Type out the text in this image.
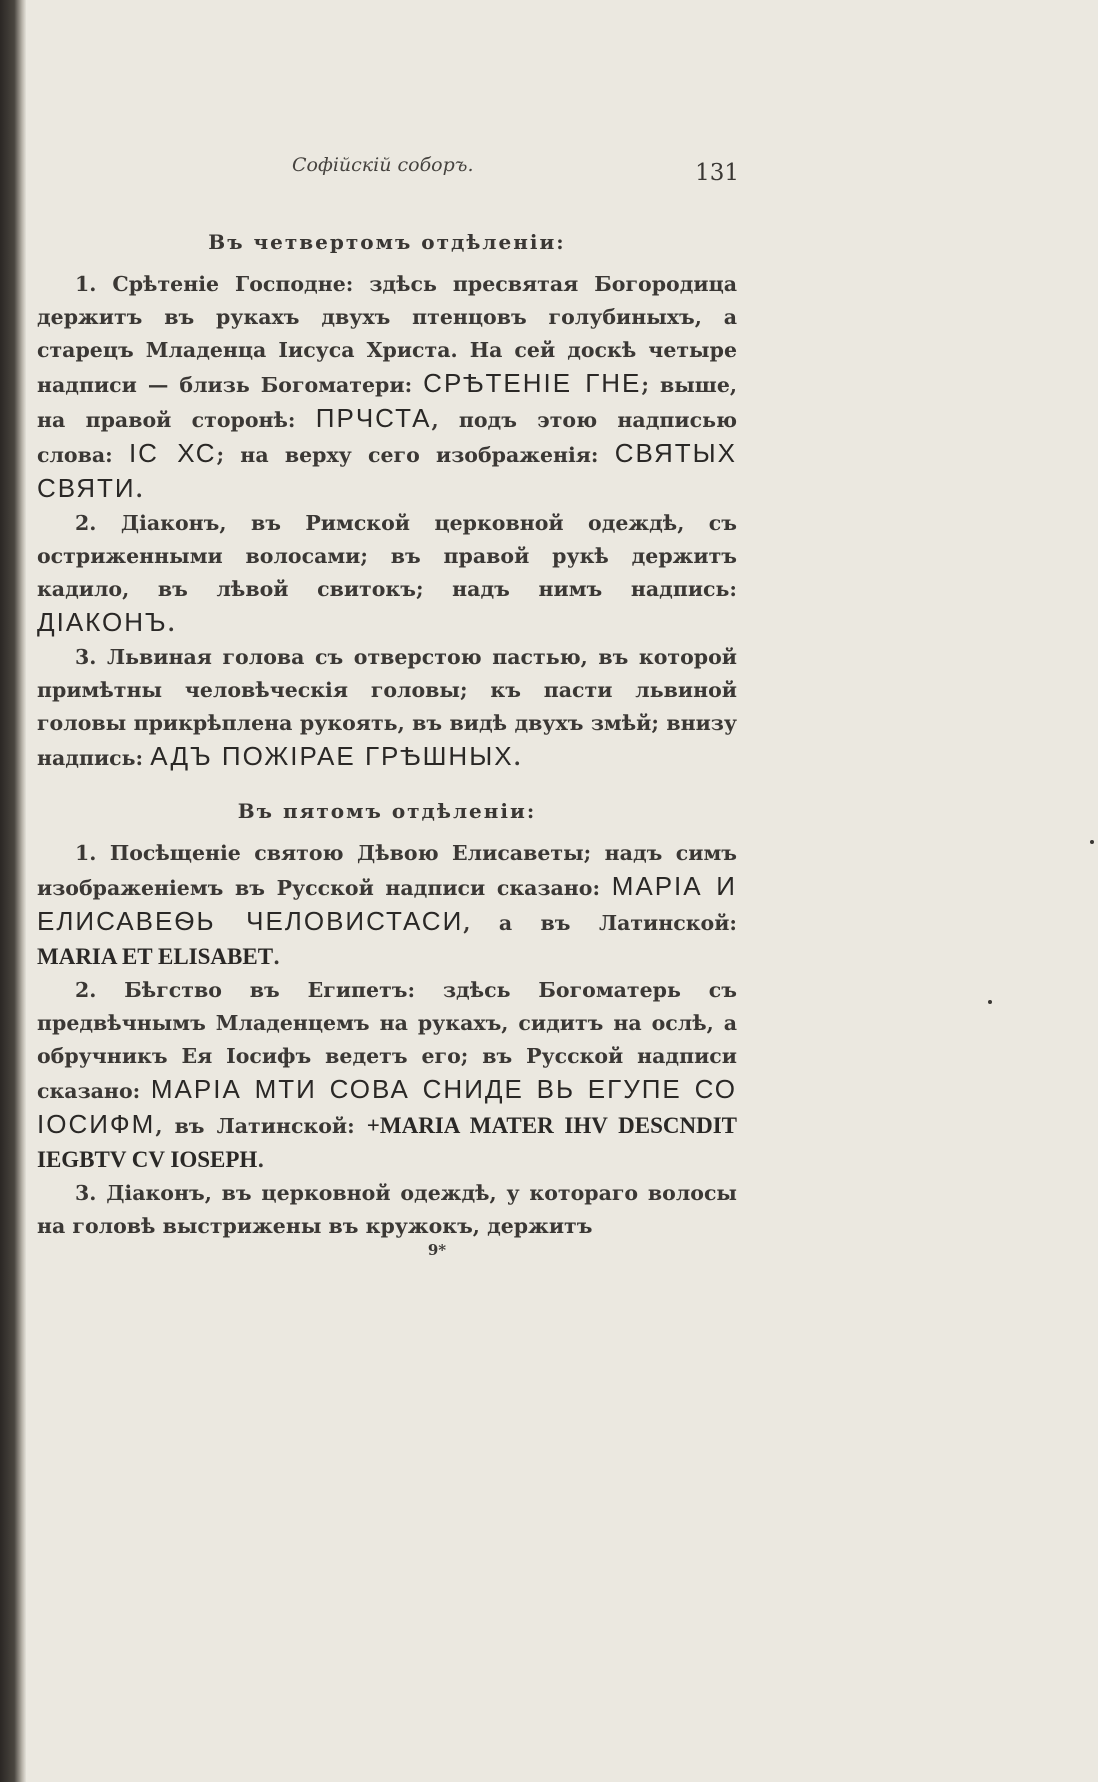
Софійскій соборъ.	131
Въ четвертомъ отдѣленіи:

1. Срѣтеніе Господне: здѣсь пресвятая Богородица держитъ въ рукахъ двухъ птенцовъ голубиныхъ, а старецъ Младенца Іисуса Христа. На сей доскѣ четыре надписи — близь Богоматери: СРѢТЕНІЕ ГНЕ; выше, на правой сторонѣ: ПРЧСТА, подъ этою надписью слова: ІС ХС; на верху сего изображенія: СВЯТЫХ СВЯТИ.

2. Діаконъ, въ Римской церковной одеждѣ, съ остриженными волосами; въ правой рукѣ держитъ кадило, въ лѣвой свитокъ; надъ нимъ надпись: ДІАКОНЪ.

3. Львиная голова съ отверстою пастью, въ которой примѣтны человѣческія головы; къ пасти львиной головы прикрѣплена рукоять, въ видѣ двухъ змѣй; внизу надпись: АДЪ ПОЖІРАЕ ГРѢШНЫХ.

Въ пятомъ отдѣленіи:

1. Посѣщеніе святою Дѣвою Елисаветы; надъ симъ изображеніемъ въ Русской надписи сказано: МАРІА И ЕЛИСАВЕѲЬ ЧЕЛОВИСТАСИ, а въ Латинской: MARIA ET ELISABET.

2. Бѣгство въ Египетъ: здѣсь Богоматерь съ предвѣчнымъ Младенцемъ на рукахъ, сидитъ на ослѣ, а обручникъ Ея Іосифъ ведетъ его; въ Русской надписи сказано: МАРІА МТИ СОВА СНИДЕ ВЬ ЕГУПЕ СО ІОСИФМ, въ Латинской: +MARIA MATER IHV DESCNDIT IEGBTV CV IOSEPH.

3. Діаконъ, въ церковной одеждѣ, у котораго волосы на головѣ выстрижены въ кружокъ, держитъ

9*
